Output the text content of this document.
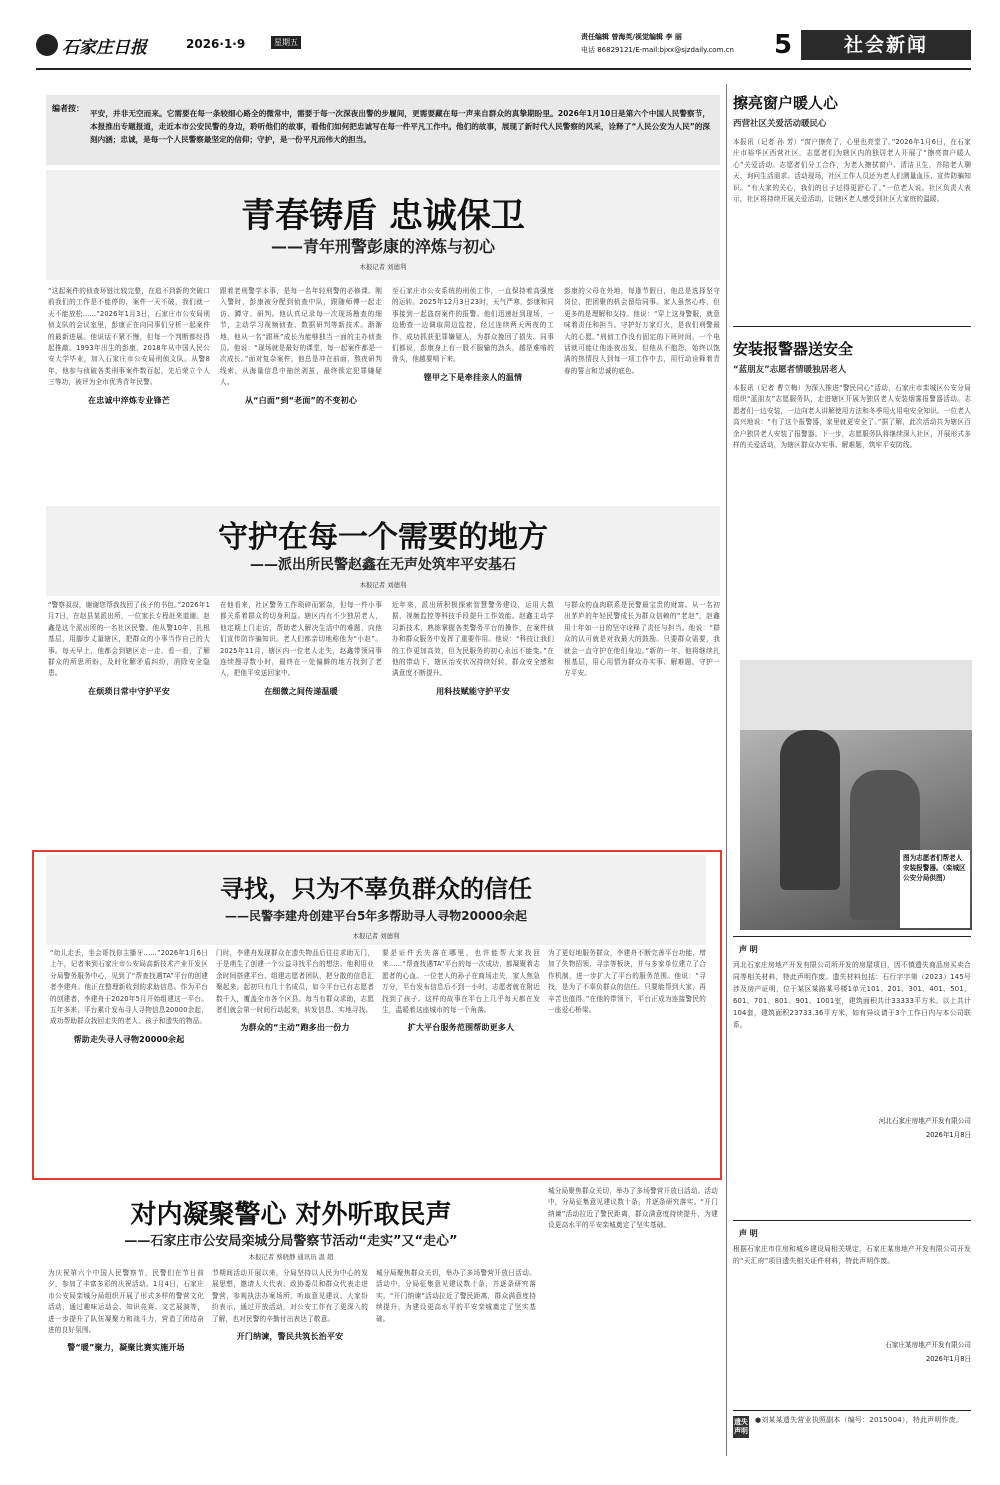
石家庄日报	2026·1·9	星期五
责任编辑 曾海英/视觉编辑 李 丽
电话 86829121/E-mail:bjxx@sjzdaily.com.cn 5	社会新闻
编者按：
平安，并非无空而来。它需要在每一条较细心路全的微常中，需要于每一次深夜出警的步履间，更需要藏在每一声来自群众的真挚期盼里。2026年1月10日是第六个中国人民警察节，本报推出专题报道，走近本市公安民警的身边，聆听他们的故事，看他们如何把忠诚写在每一件平凡工作中。他们的故事，展现了新时代人民警察的风采，诠释了“人民公安为人民”的深刻内涵；忠诚，是每一个人民警察最坚定的信仰；守护，是一份平凡而伟大的担当。
青春铸盾 忠诚保卫
——青年刑警彭康的淬炼与初心
本报记者 刘德利
“这起案件的侦查环链比较完整，在追不到新的突破口前我们的工作是不能停的，案件一天不破，我们就一天不能放松……”2026年1月3日，石家庄市公安局刑侦支队的会议室里，彭康正在向同事们分析一起案件的最新进展。他说话不紧不慢，但每一个判断都经得起推敲。1993年出生的彭康，2018年从中国人民公安大学毕业，加入石家庄市公安局刑侦支队。从警8年，他参与侦破各类刑事案件数百起，先后荣立个人三等功，被评为全市优秀青年民警。
在忠诚中淬炼专业锋芒
跟着老刑警学本事，是每一名年轻刑警的必修课。刚入警时，彭康被分配到侦查中队，跟随师傅一起走访、蹲守、研判。他认真记录每一次现场勘查的细节，主动学习视频侦查、数据研判等新技术。渐渐地，他从一名“跟班”成长为能够独当一面的主办侦查员。他说：“现场就是最好的课堂，每一起案件都是一次成长。”面对复杂案件，他总是冲在前面，熬夜研判线索，从海量信息中抽丝剥茧，最终锁定犯罪嫌疑人。
从“白面”到“老面”的不变初心
至石家庄市公安系统的刑侦工作，一直保持着高强度的运转。2025年12月3日23时，天气严寒，彭康和同事接到一起盗窃案件的报警。他们迅速赶到现场，一边勘查一边调取周边监控，经过连续两天两夜的工作，成功抓获犯罪嫌疑人，为群众挽回了损失。同事们都说，彭康身上有一股不服输的劲头，越是难啃的骨头，他越要啃下来。
铿甲之下是牵挂亲人的温情
彭康的父母在外地，每逢节假日，他总是选择坚守岗位，把团聚的机会留给同事。家人虽然心疼，但更多的是理解和支持。他说：“穿上这身警服，就意味着责任和担当。守护好万家灯火，是我们刑警最大的心愿。”刑侦工作没有固定的下班时间，一个电话就可能让他连夜出发，但他从不抱怨，始终以饱满的热情投入到每一项工作中去，用行动诠释着青春的誓言和忠诚的底色。
守护在每一个需要的地方
——派出所民警赵鑫在无声处筑牢平安基石
本报记者 刘德利
“警察叔叔，谢谢您帮我找回了孩子的书包。”2026年1月7日，在赵县某派出所，一位家长专程赶来道谢。赵鑫是这个派出所的一名社区民警。他从警10年，扎根基层，用脚步丈量辖区，把群众的小事当作自己的大事。每天早上，他都会到辖区走一走、看一看，了解群众的所思所盼，及时化解矛盾纠纷，消除安全隐患。
在烦琐日常中守护平安
在他看来，社区警务工作琐碎而繁杂，但每一件小事都关系着群众的切身利益。辖区内有不少独居老人，他定期上门走访，帮助老人解决生活中的难题，向他们宣传防诈骗知识。老人们都亲切地称他为“小赵”。2025年11月，辖区内一位老人走失，赵鑫带领同事连续搜寻数小时，最终在一处偏僻的地方找到了老人，把他平安送回家中。
在细微之间传递温暖
近年来，派出所积极探索智慧警务建设，运用大数据、视频监控等科技手段提升工作效能。赵鑫主动学习新技术，熟练掌握各类警务平台的操作，在案件侦办和群众服务中发挥了重要作用。他说：“科技让我们的工作更加高效，但为民服务的初心永远不能变。”在他的带动下，辖区治安状况持续好转，群众安全感和满意度不断提升。
用科技赋能守护平安
与群众的血肉联系是民警最宝贵的财富。从一名初出茅庐的年轻民警成长为群众信赖的“老赵”，赵鑫用十年如一日的坚守诠释了责任与担当。他说：“群众的认可就是对我最大的鼓励。只要群众需要，我就会一直守护在他们身边。”新的一年，他将继续扎根基层，用心用情为群众办实事、解难题，守护一方平安。
寻找，只为不辜负群众的信任
——民警李建舟创建平台5年多帮助寻人寻物20000余起
本报记者 刘德利
“幼儿走丢，坐会哥找你主播牙……”2026年1月6日上午，记者来到石家庄市公安局高新技术产业开发区分局警务服务中心，见到了“帮查找遇TA”平台的创建者李建舟。他正在整理新收到的求助信息。作为平台的创建者，李建舟于2020年5月开始组建这一平台。五年多来，平台累计发布寻人寻物信息20000余起，成功帮助群众找回走失的老人、孩子和遗失的物品。
帮助走失寻人寻物20000余起
门时，李建舟发现群众在遗失物品后往往求助无门，于是萌生了创建一个公益寻找平台的想法。他利用业余时间搭建平台、组建志愿者团队，把分散的信息汇聚起来。起初只有几十名成员，如今平台已有志愿者数千人，覆盖全市各个区县。每当有群众求助，志愿者们就会第一时间行动起来，转发信息、实地寻找。
为群众的“主动”跑多出一份力
要是证件丢失落在哪里，也许能帮大家找回来……“帮查找遇TA”平台的每一次成功，都凝聚着志愿者的心血。一位老人的孙子在商场走失，家人焦急万分，平台发布信息后不到一小时，志愿者就在附近找到了孩子。这样的故事在平台上几乎每天都在发生，温暖着这座城市的每一个角落。
扩大平台服务范围帮助更多人
为了更好地服务群众，李建舟不断完善平台功能，增加了失物招领、寻亲等板块，并与多家单位建立了合作机制，进一步扩大了平台的服务范围。他说：“寻找，是为了不辜负群众的信任。只要能帮到大家，再辛苦也值得。”在他的带领下，平台正成为连接警民的一座爱心桥梁。
对内凝聚警心 对外听取民声
——石家庄市公安局栾城分局警察节活动“走实”又“走心”
本报记者 蔡晓静 通讯员 温 超
为庆祝第六个中国人民警察节，民警们在节日前夕，参加了丰富多彩的庆祝活动。1月4日，石家庄市公安局栾城分局组织开展了形式多样的警营文化活动，通过趣味运动会、知识竞赛、文艺展演等，进一步提升了队伍凝聚力和战斗力，营造了团结奋进的良好氛围。
警“暖”聚力，凝聚比赛实施开场
节期间活动开展以来，分局坚持以人民为中心的发展思想，邀请人大代表、政协委员和群众代表走进警营，参观执法办案场所，听取意见建议。大家纷纷表示，通过开放活动，对公安工作有了更深入的了解，也对民警的辛勤付出表达了敬意。
开门纳谏，警民共筑长治平安
城分局聚焦群众关切，举办了多场警营开放日活动。活动中，分局征集意见建议数十条，并逐条研究落实。“开门纳谏”活动拉近了警民距离，群众满意度持续提升，为建设更高水平的平安栾城奠定了坚实基础。
城分局聚焦群众关切，举办了多场警营开放日活动。活动中，分局征集意见建议数十条，并逐条研究落实。“开门纳谏”活动拉近了警民距离，群众满意度持续提升，为建设更高水平的平安栾城奠定了坚实基础。
擦亮窗户暖人心
西营社区关爱活动暖民心
本报讯（记者 孙 芳）“窗户擦亮了，心里也亮堂了。”2026年1月6日，在石家庄市裕华区西营社区，志愿者们为辖区内的独居老人开展了“擦亮窗户暖人心”关爱活动。志愿者们分工合作，为老人擦拭窗户、清洁卫生，并陪老人聊天、询问生活需求。活动现场，社区工作人员还为老人们测量血压、宣传防骗知识。“有大家的关心，我们的日子过得更舒心了。”一位老人说。社区负责人表示，社区将持续开展关爱活动，让辖区老人感受到社区大家庭的温暖。
安装报警器送安全
“蓝朋友”志愿者情暖独居老人
本报讯（记者 曹立梅）为深入推进“警民同心”活动，石家庄市栾城区公安分局组织“蓝朋友”志愿服务队，走进辖区开展为独居老人安装烟雾报警器活动。志愿者们一边安装，一边向老人讲解使用方法和冬季用火用电安全知识。一位老人高兴地说：“有了这个报警器，家里就更安全了。”据了解，此次活动共为辖区百余户独居老人安装了报警器。下一步，志愿服务队将继续深入社区，开展形式多样的关爱活动，为辖区群众办实事、解难题，筑牢平安防线。
图为志愿者们帮老人安装报警器。（栾城区公安分局供图）
声 明
河北石家庄房地产开发有限公司所开发的房屋项目，因不慎遗失商品房买卖合同等相关材料，特此声明作废。遗失材料包括：石行字字第（2023）145号涉及房产证明，位于某区某路某号楼1单元101、201、301、401、501、601、701、801、901、1001室，建筑面积共计33333平方米。以上共计104套，建筑面积23733.36平方米，如有异议请于3个工作日内与本公司联系。
河北石家庄房地产开发有限公司
2026年1月8日
声 明
根据石家庄市住房和城乡建设局相关规定，石家庄某房地产开发有限公司开发的“天汇府”项目遗失相关证件材料，特此声明作废。
石家庄某房地产开发有限公司
2026年1月8日
遗失声明
●刘某某遗失营业执照副本（编号：2015004），特此声明作废。
